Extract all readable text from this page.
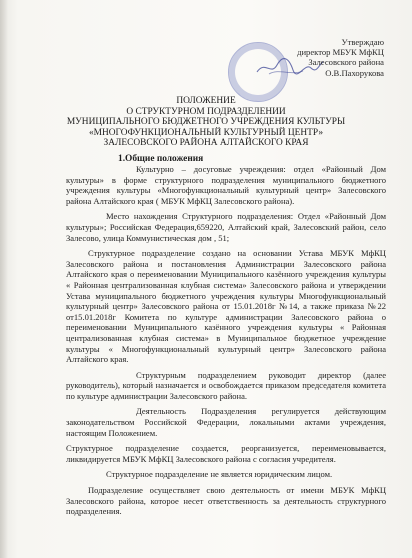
Утверждаю
директор МБУК МфКЦ
Залесовского района
О.В.Пахорукова
ПОЛОЖЕНИЕ
О СТРУКТУРНОМ ПОДРАЗДЕЛЕНИИ
МУНИЦИПАЛЬНОГО БЮДЖЕТНОГО УЧРЕЖДЕНИЯ КУЛЬТУРЫ
«МНОГОФУНКЦИОНАЛЬНЫЙ КУЛЬТУРНЫЙ ЦЕНТР»
ЗАЛЕСОВСКОГО РАЙОНА АЛТАЙСКОГО КРАЯ
1.Общие положения

Культурно – досуговые учреждения: отдел «Районный Дом культуры» в форме структурного подразделения муниципального бюджетного учреждения культуры «Многофункциональный культурный центр» Залесовского района Алтайского края ( МБУК МфКЦ Залесовского района).

Место нахождения Структурного подразделения: Отдел «Районный Дом культуры»; Российская Федерация,659220, Алтайский край, Залесовский район, село Залесово, улица Коммунистическая дом , 51;

Структурное подразделение создано на основании Устава МБУК МфКЦ Залесовского района и постановления Администрации Залесовского района Алтайского края о переименовании Муниципального казённого учреждения культуры « Районная централизованная клубная система» Залесовского района и утверждении Устава муниципального бюджетного учреждения культуры Многофункциональный культурный центр» Залесовского района от 15.01.2018г №14, а также приказа №22 от15.01.2018г Комитета по культуре администрации Залесовского района о переименовании Муниципального казённого учреждения культуры « Районная централизованная клубная система» в Муниципальное бюджетное учреждение культуры « Многофункциональный культурный центр» Залесовского района Алтайского края.

Структурным подразделением руководит директор (далее руководитель), который назначается и освобождается приказом председателя комитета по культуре администрации Залесовского района.

Деятельность Подразделения регулируется действующим законодательством Российской Федерации, локальными актами учреждения, настоящим Положением.

Структурное подразделение создается, реорганизуется, переименовывается, ликвидируется МБУК МфКЦ Залесовского района с согласия учредителя.

Структурное подразделение не является юридическим лицом.

Подразделение осуществляет свою деятельность от имени МБУК МфКЦ Залесовского района, которое несет ответственность за деятельность структурного подразделения.
